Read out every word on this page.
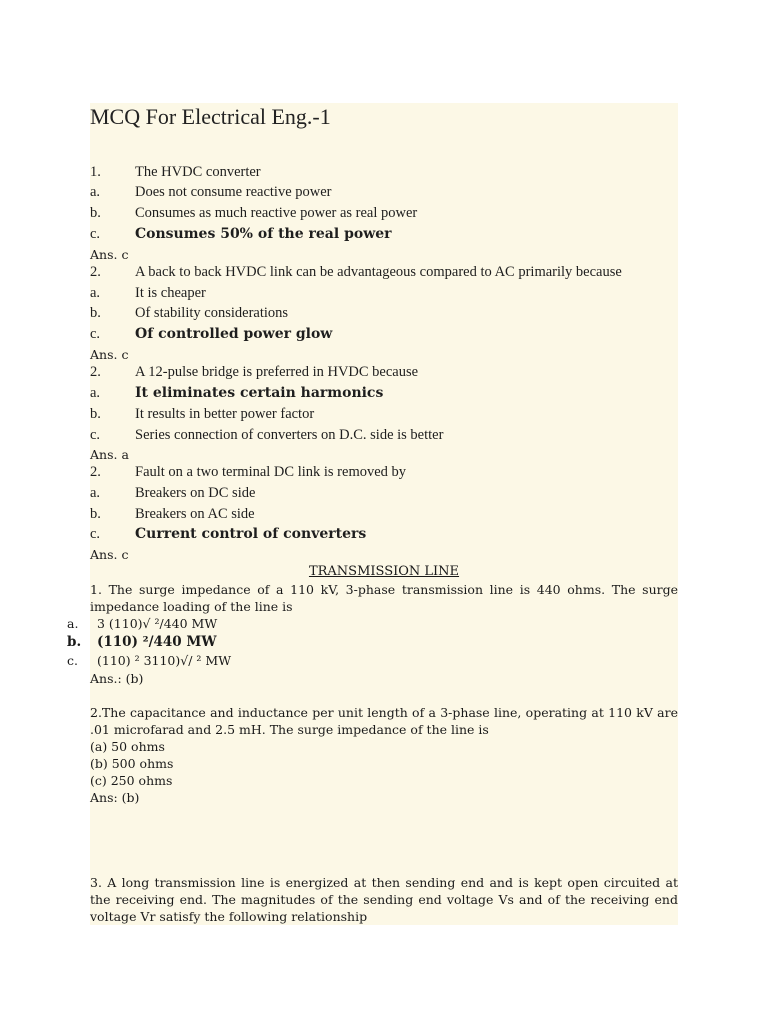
MCQ For Electrical Eng.-1
1. The HVDC converter
a. Does not consume reactive power
b. Consumes as much reactive power as real power
c. Consumes 50% of the real power
Ans. c
2. A back to back HVDC link can be advantageous compared to AC primarily because
a. It is cheaper
b. Of stability considerations
c. Of controlled power glow
Ans. c
2. A 12-pulse bridge is preferred in HVDC because
a. It eliminates certain harmonics
b. It results in better power factor
c. Series connection of converters on D.C. side is better
Ans. a
2. Fault on a two terminal DC link is removed by
a. Breakers on DC side
b. Breakers on AC side
c. Current control of converters
Ans. c
TRANSMISSION LINE
1. The surge impedance of a 110 kV, 3-phase transmission line is 440 ohms. The surge impedance loading of the line is
a. 3 (110)√ ²/440 MW
b. (110) ²/440 MW
c. (110) ² 3110)√/ ² MW
Ans.: (b)
2.The capacitance and inductance per unit length of a 3-phase line, operating at 110 kV are .01 microfarad and 2.5 mH. The surge impedance of the line is
(a) 50 ohms
(b) 500 ohms
(c) 250 ohms
Ans: (b)
3. A long transmission line is energized at then sending end and is kept open circuited at the receiving end. The magnitudes of the sending end voltage Vs and of the receiving end voltage Vr satisfy the following relationship
